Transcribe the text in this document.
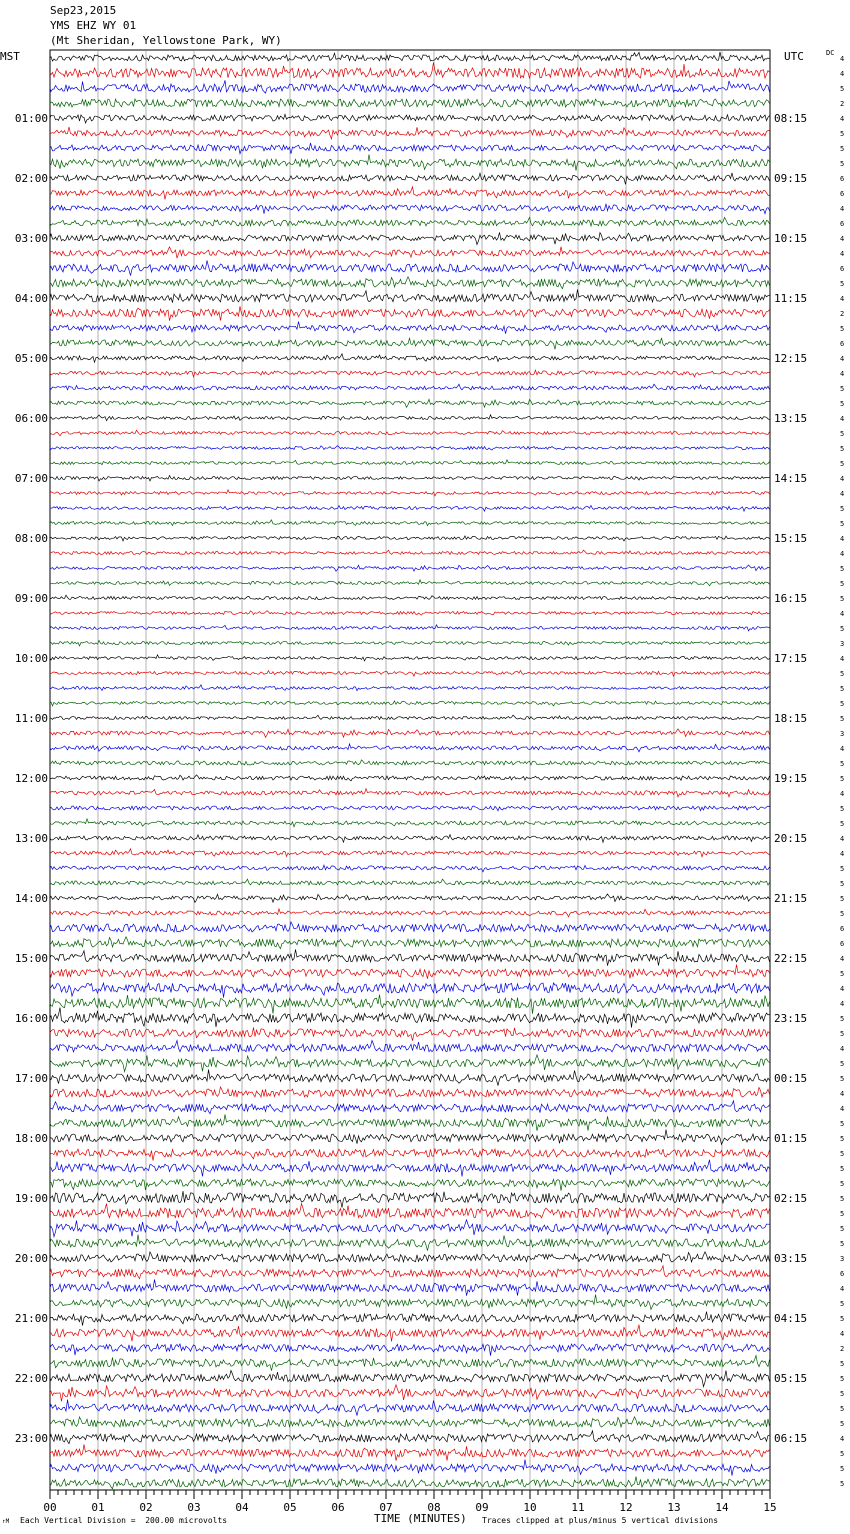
Sep23,2015
YMS EHZ WY 01
(Mt Sheridan, Yellowstone Park, WY)
MST	UTC	DC
00	01	02	03	04	05	06	07	08	09	10	11	12	13	14	15
4
4
5
2
4
5
5
5
6
6
4
6
4
4
6
5
4
2
5
6
4
4
5
5
4
5
5
5
4
4
5
5
4
4
5
5
5
4
5
3
4
5
5
5
5
3
4
5
5
4
5
5
4
4
5
5
5
5
6
6
4
5
4
4
5
5
4
5
5
4
4
5
5
5
5
5
5
5
5
5
3
6
4
5
5
4
2
5
5
5
5
5
4
5
5
5
01:00	08:15
02:00	09:15
03:00	10:15
04:00	11:15
05:00	12:15
06:00	13:15
07:00	14:15
08:00	15:15
09:00	16:15
10:00	17:15
11:00	18:15
12:00	19:15
13:00	20:15
14:00	21:15
15:00	22:15
16:00	23:15
17:00	00:15
18:00	01:15
19:00	02:15
20:00	03:15
21:00	04:15
22:00	05:15
23:00	06:15
↑M Each Vertical Division =  200.00 microvolts	TIME (MINUTES) Traces clipped at plus/minus 5 vertical divisions
